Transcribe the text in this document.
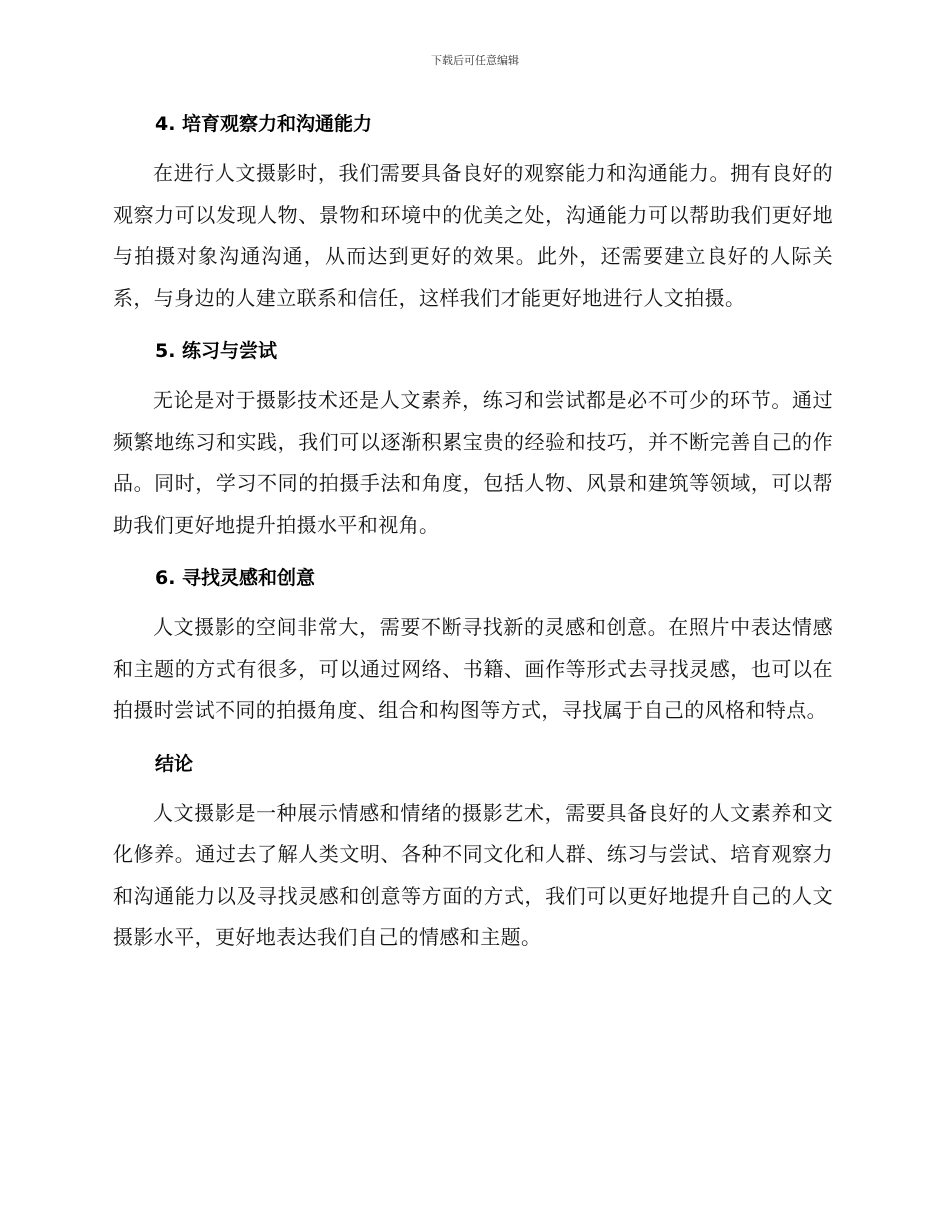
下载后可任意编辑
4. 培育观察力和沟通能力

在进行人文摄影时，我们需要具备良好的观察能力和沟通能力。拥有良好的观察力可以发现人物、景物和环境中的优美之处，沟通能力可以帮助我们更好地与拍摄对象沟通沟通，从而达到更好的效果。此外，还需要建立良好的人际关系，与身边的人建立联系和信任，这样我们才能更好地进行人文拍摄。

5. 练习与尝试

无论是对于摄影技术还是人文素养，练习和尝试都是必不可少的环节。通过频繁地练习和实践，我们可以逐渐积累宝贵的经验和技巧，并不断完善自己的作品。同时，学习不同的拍摄手法和角度，包括人物、风景和建筑等领域，可以帮助我们更好地提升拍摄水平和视角。

6. 寻找灵感和创意

人文摄影的空间非常大，需要不断寻找新的灵感和创意。在照片中表达情感和主题的方式有很多，可以通过网络、书籍、画作等形式去寻找灵感，也可以在拍摄时尝试不同的拍摄角度、组合和构图等方式，寻找属于自己的风格和特点。

结论

人文摄影是一种展示情感和情绪的摄影艺术，需要具备良好的人文素养和文化修养。通过去了解人类文明、各种不同文化和人群、练习与尝试、培育观察力和沟通能力以及寻找灵感和创意等方面的方式，我们可以更好地提升自己的人文摄影水平，更好地表达我们自己的情感和主题。
